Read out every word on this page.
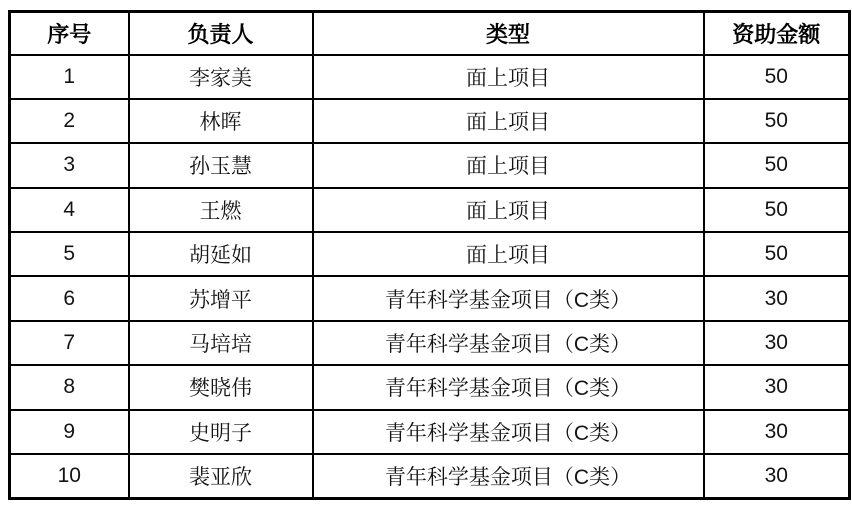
序号	负责人	类型	资助金额
1	李家美	面上项目	50
2	林晖	面上项目	50
3	孙玉慧	面上项目	50
4	王燃	面上项目	50
5	胡延如	面上项目	50
6	苏增平	青年科学基金项目（C类）	30
7	马培培	青年科学基金项目（C类）	30
8	樊晓伟	青年科学基金项目（C类）	30
9	史明子	青年科学基金项目（C类）	30
10	裴亚欣	青年科学基金项目（C类）	30
